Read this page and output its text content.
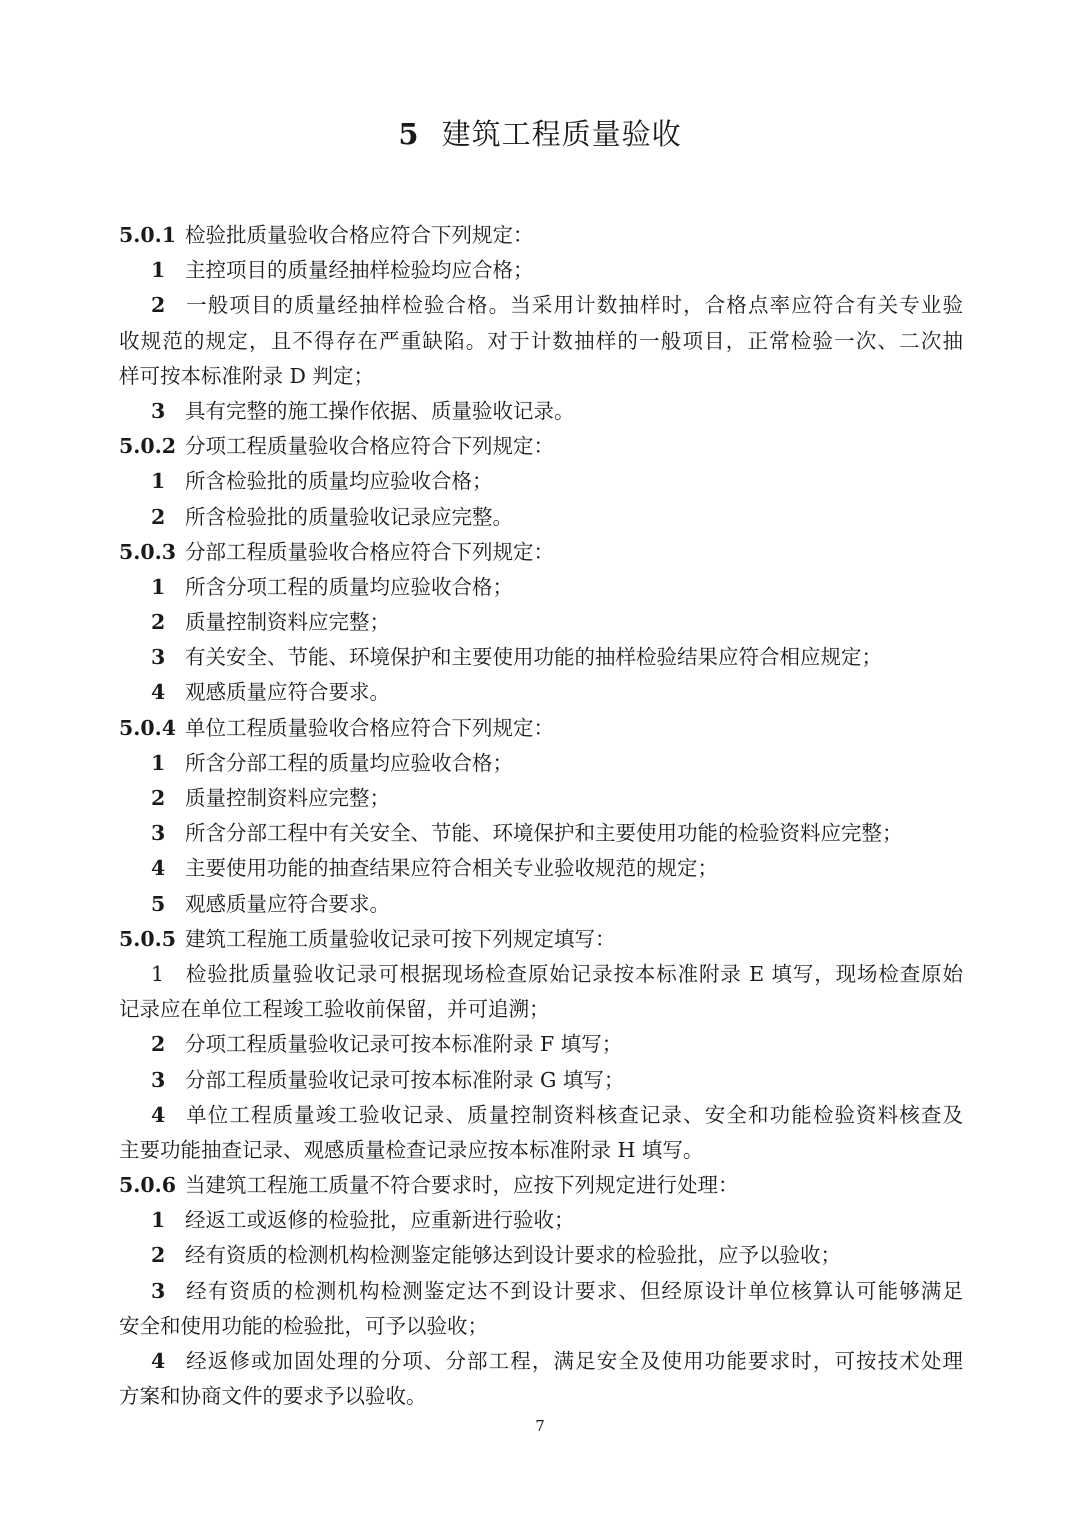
5 建筑工程质量验收
5.0.1 检验批质量验收合格应符合下列规定：
1 主控项目的质量经抽样检验均应合格；
2 一般项目的质量经抽样检验合格。当采用计数抽样时，合格点率应符合有关专业验
收规范的规定，且不得存在严重缺陷。对于计数抽样的一般项目，正常检验一次、二次抽
样可按本标准附录 D 判定；
3 具有完整的施工操作依据、质量验收记录。
5.0.2 分项工程质量验收合格应符合下列规定：
1 所含检验批的质量均应验收合格；
2 所含检验批的质量验收记录应完整。
5.0.3 分部工程质量验收合格应符合下列规定：
1 所含分项工程的质量均应验收合格；
2 质量控制资料应完整；
3 有关安全、节能、环境保护和主要使用功能的抽样检验结果应符合相应规定；
4 观感质量应符合要求。
5.0.4 单位工程质量验收合格应符合下列规定：
1 所含分部工程的质量均应验收合格；
2 质量控制资料应完整；
3 所含分部工程中有关安全、节能、环境保护和主要使用功能的检验资料应完整；
4 主要使用功能的抽查结果应符合相关专业验收规范的规定；
5 观感质量应符合要求。
5.0.5 建筑工程施工质量验收记录可按下列规定填写：
1 检验批质量验收记录可根据现场检查原始记录按本标准附录 E 填写，现场检查原始
记录应在单位工程竣工验收前保留，并可追溯；
2 分项工程质量验收记录可按本标准附录 F 填写；
3 分部工程质量验收记录可按本标准附录 G 填写；
4 单位工程质量竣工验收记录、质量控制资料核查记录、安全和功能检验资料核查及
主要功能抽查记录、观感质量检查记录应按本标准附录 H 填写。
5.0.6 当建筑工程施工质量不符合要求时，应按下列规定进行处理：
1 经返工或返修的检验批，应重新进行验收；
2 经有资质的检测机构检测鉴定能够达到设计要求的检验批，应予以验收；
3 经有资质的检测机构检测鉴定达不到设计要求、但经原设计单位核算认可能够满足
安全和使用功能的检验批，可予以验收；
4 经返修或加固处理的分项、分部工程，满足安全及使用功能要求时，可按技术处理
方案和协商文件的要求予以验收。
7
